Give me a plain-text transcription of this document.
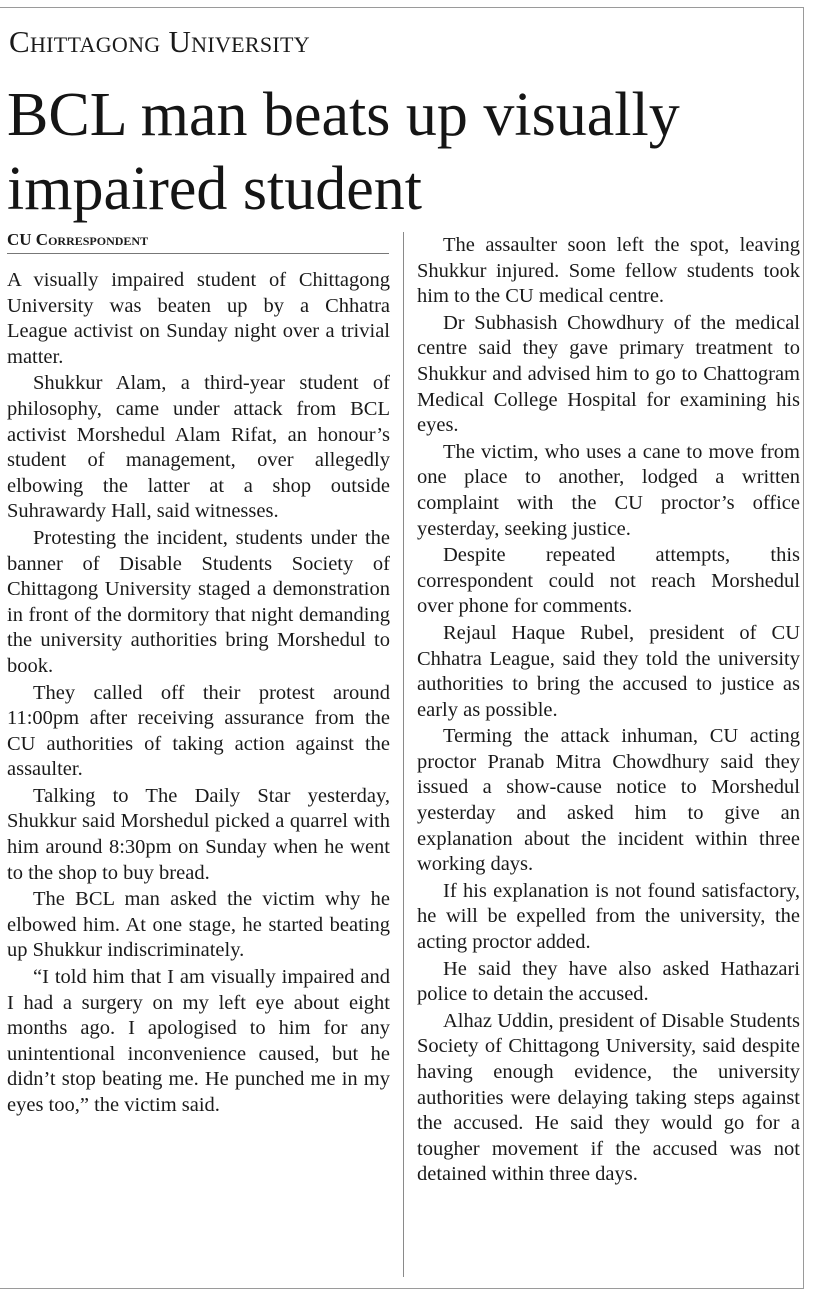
Chittagong University
BCL man beats up visually impaired student
CU Correspondent

A visually impaired student of Chittagong University was beaten up by a Chhatra League activist on Sunday night over a trivial matter.

Shukkur Alam, a third-year student of philosophy, came under attack from BCL activist Morshedul Alam Rifat, an honour’s student of management, over allegedly elbowing the latter at a shop outside Suhrawardy Hall, said witnesses.

Protesting the incident, students under the banner of Disable Students Society of Chittagong University staged a demonstration in front of the dormitory that night demanding the university authorities bring Morshedul to book.

They called off their protest around 11:00pm after receiving assurance from the CU authorities of taking action against the assaulter.

Talking to The Daily Star yesterday, Shukkur said Morshedul picked a quarrel with him around 8:30pm on Sunday when he went to the shop to buy bread.

The BCL man asked the victim why he elbowed him. At one stage, he started beating up Shukkur indiscriminately.

“I told him that I am visually impaired and I had a surgery on my left eye about eight months ago. I apologised to him for any unintentional inconvenience caused, but he didn’t stop beating me. He punched me in my eyes too,” the victim said.

The assaulter soon left the spot, leaving Shukkur injured. Some fellow students took him to the CU medical centre.

Dr Subhasish Chowdhury of the medical centre said they gave primary treatment to Shukkur and advised him to go to Chattogram Medical College Hospital for examining his eyes.

The victim, who uses a cane to move from one place to another, lodged a written complaint with the CU proctor’s office yesterday, seeking justice.

Despite repeated attempts, this correspondent could not reach Morshedul over phone for comments.

Rejaul Haque Rubel, president of CU Chhatra League, said they told the university authorities to bring the accused to justice as early as possible.

Terming the attack inhuman, CU acting proctor Pranab Mitra Chowdhury said they issued a show-cause notice to Morshedul yesterday and asked him to give an explanation about the incident within three working days.

If his explanation is not found satisfactory, he will be expelled from the university, the acting proctor added.

He said they have also asked Hathazari police to detain the accused.

Alhaz Uddin, president of Disable Students Society of Chittagong University, said despite having enough evidence, the university authorities were delaying taking steps against the accused. He said they would go for a tougher movement if the accused was not detained within three days.
